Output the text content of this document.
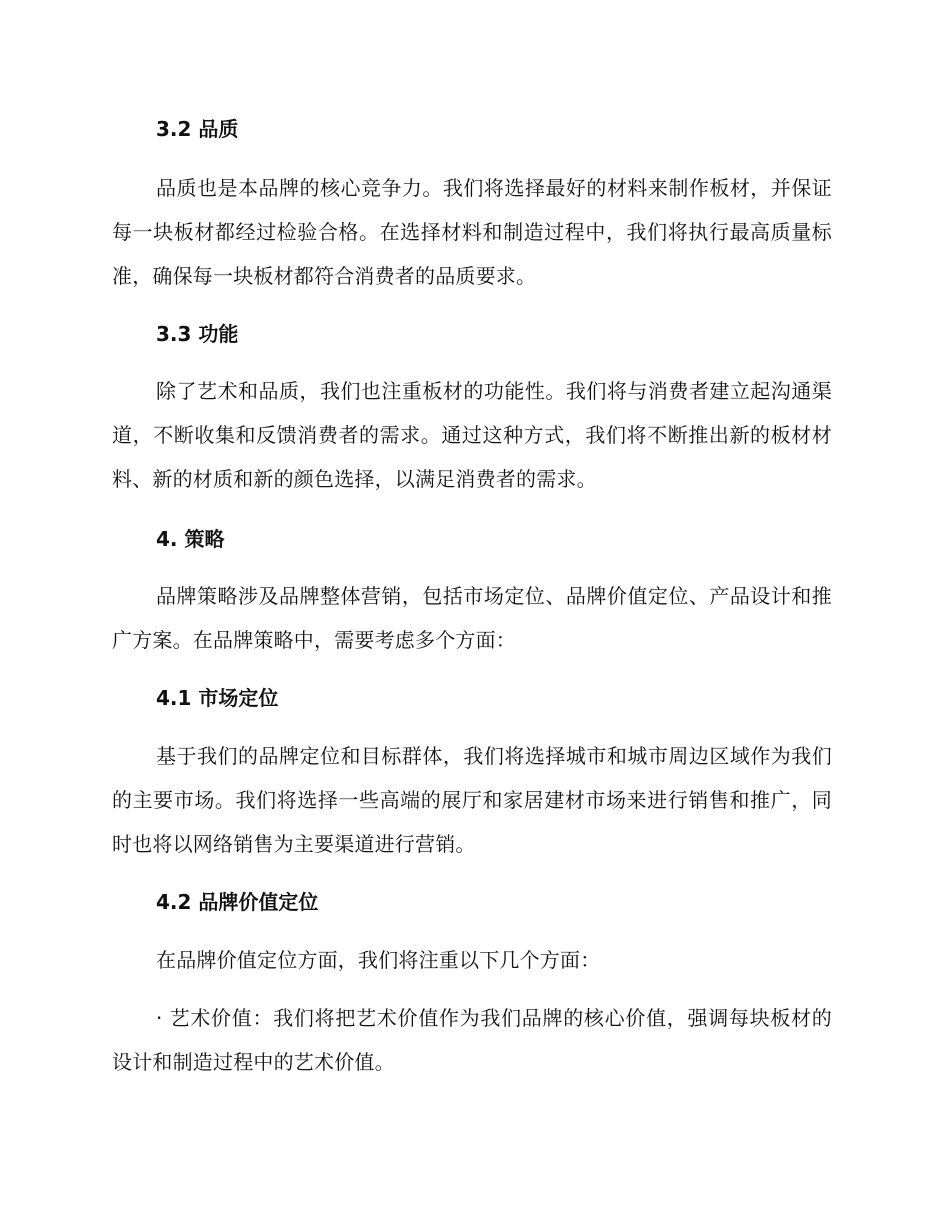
3.2 品质
品质也是本品牌的核心竞争力。我们将选择最好的材料来制作板材，并保证每一块板材都经过检验合格。在选择材料和制造过程中，我们将执行最高质量标准，确保每一块板材都符合消费者的品质要求。
3.3 功能
除了艺术和品质，我们也注重板材的功能性。我们将与消费者建立起沟通渠道，不断收集和反馈消费者的需求。通过这种方式，我们将不断推出新的板材材料、新的材质和新的颜色选择，以满足消费者的需求。
4. 策略
品牌策略涉及品牌整体营销，包括市场定位、品牌价值定位、产品设计和推广方案。在品牌策略中，需要考虑多个方面：
4.1 市场定位
基于我们的品牌定位和目标群体，我们将选择城市和城市周边区域作为我们的主要市场。我们将选择一些高端的展厅和家居建材市场来进行销售和推广，同时也将以网络销售为主要渠道进行营销。
4.2 品牌价值定位
在品牌价值定位方面，我们将注重以下几个方面：
· 艺术价值：我们将把艺术价值作为我们品牌的核心价值，强调每块板材的设计和制造过程中的艺术价值。
